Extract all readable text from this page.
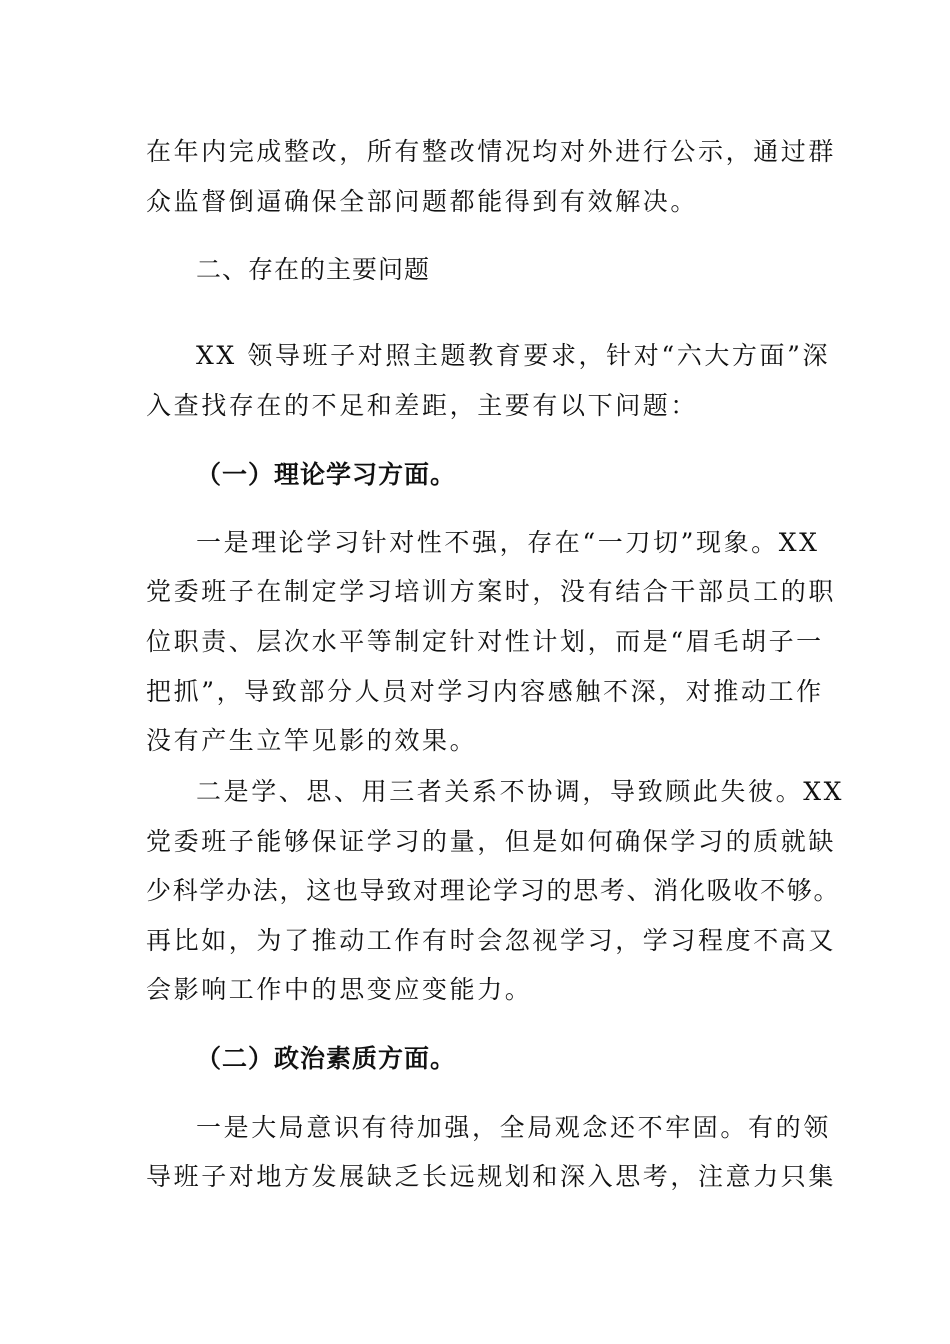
在年内完成整改，所有整改情况均对外进行公示，通过群
众监督倒逼确保全部问题都能得到有效解决。
二、存在的主要问题
XX 领导班子对照主题教育要求，针对“六大方面”深
入查找存在的不足和差距，主要有以下问题：
（一）理论学习方面。
一是理论学习针对性不强，存在“一刀切”现象。XX
党委班子在制定学习培训方案时，没有结合干部员工的职
位职责、层次水平等制定针对性计划，而是“眉毛胡子一
把抓”，导致部分人员对学习内容感触不深，对推动工作
没有产生立竿见影的效果。
二是学、思、用三者关系不协调，导致顾此失彼。XX
党委班子能够保证学习的量，但是如何确保学习的质就缺
少科学办法，这也导致对理论学习的思考、消化吸收不够。
再比如，为了推动工作有时会忽视学习，学习程度不高又
会影响工作中的思变应变能力。
（二）政治素质方面。
一是大局意识有待加强，全局观念还不牢固。有的领
导班子对地方发展缺乏长远规划和深入思考，注意力只集
